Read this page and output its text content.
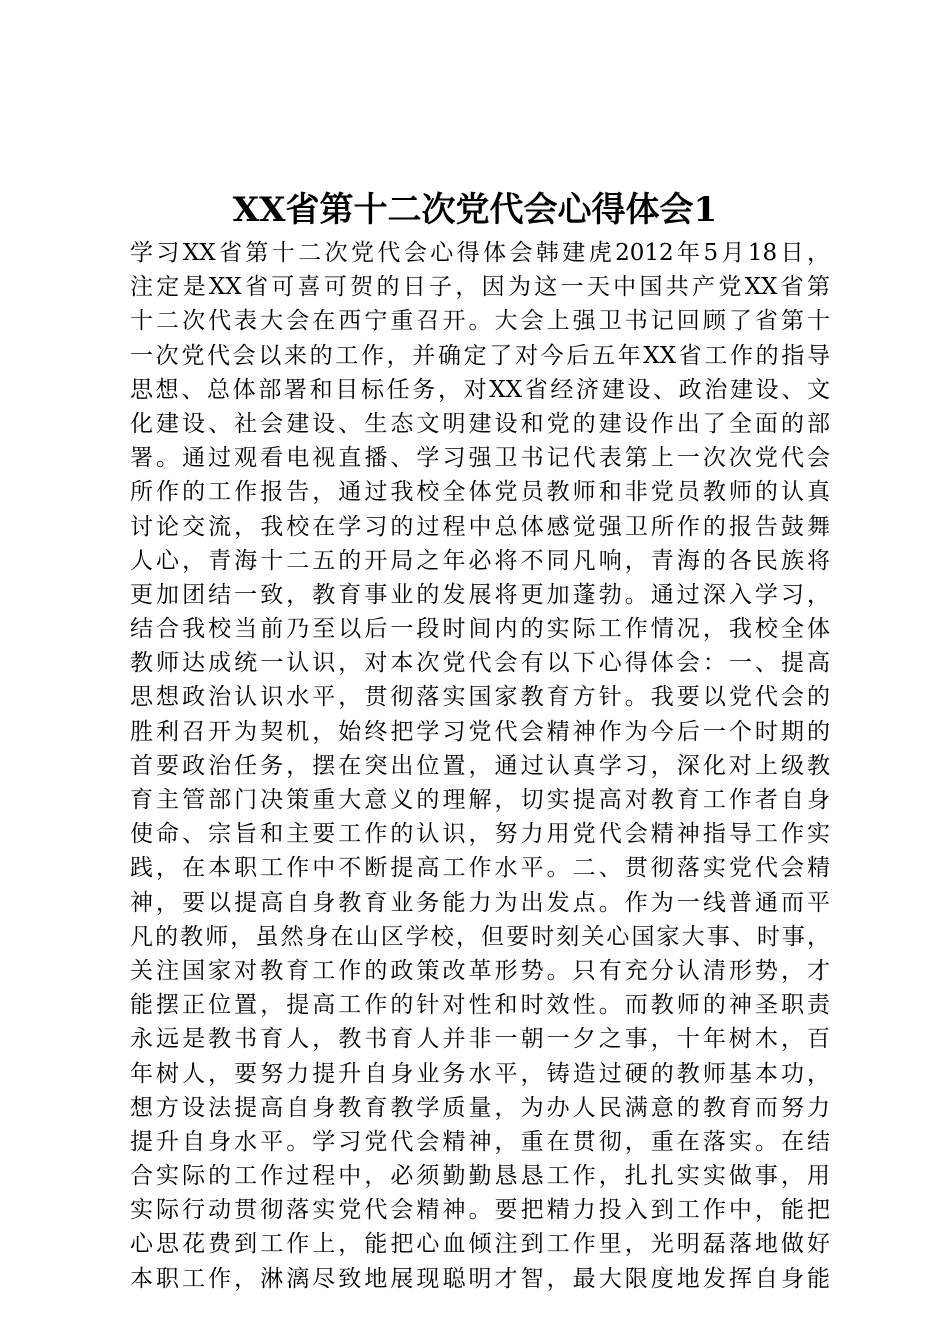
XX省第十二次党代会心得体会1
学习XX省第十二次党代会心得体会韩建虎2012年5月18日，
注定是XX省可喜可贺的日子，因为这一天中国共产党XX省第
十二次代表大会在西宁重召开。大会上强卫书记回顾了省第十
一次党代会以来的工作，并确定了对今后五年XX省工作的指导
思想、总体部署和目标任务，对XX省经济建设、政治建设、文
化建设、社会建设、生态文明建设和党的建设作出了全面的部
署。通过观看电视直播、学习强卫书记代表第上一次次党代会
所作的工作报告，通过我校全体党员教师和非党员教师的认真
讨论交流，我校在学习的过程中总体感觉强卫所作的报告鼓舞
人心，青海十二五的开局之年必将不同凡响，青海的各民族将
更加团结一致，教育事业的发展将更加蓬勃。通过深入学习，
结合我校当前乃至以后一段时间内的实际工作情况，我校全体
教师达成统一认识，对本次党代会有以下心得体会：一、提高
思想政治认识水平，贯彻落实国家教育方针。我要以党代会的
胜利召开为契机，始终把学习党代会精神作为今后一个时期的
首要政治任务，摆在突出位置，通过认真学习，深化对上级教
育主管部门决策重大意义的理解，切实提高对教育工作者自身
使命、宗旨和主要工作的认识，努力用党代会精神指导工作实
践，在本职工作中不断提高工作水平。二、贯彻落实党代会精
神，要以提高自身教育业务能力为出发点。作为一线普通而平
凡的教师，虽然身在山区学校，但要时刻关心国家大事、时事，
关注国家对教育工作的政策改革形势。只有充分认清形势，才
能摆正位置，提高工作的针对性和时效性。而教师的神圣职责
永远是教书育人，教书育人并非一朝一夕之事，十年树木，百
年树人，要努力提升自身业务水平，铸造过硬的教师基本功，
想方设法提高自身教育教学质量，为办人民满意的教育而努力
提升自身水平。学习党代会精神，重在贯彻，重在落实。在结
合实际的工作过程中，必须勤勤恳恳工作，扎扎实实做事，用
实际行动贯彻落实党代会精神。要把精力投入到工作中，能把
心思花费到工作上，能把心血倾注到工作里，光明磊落地做好
本职工作，淋漓尽致地展现聪明才智，最大限度地发挥自身能
